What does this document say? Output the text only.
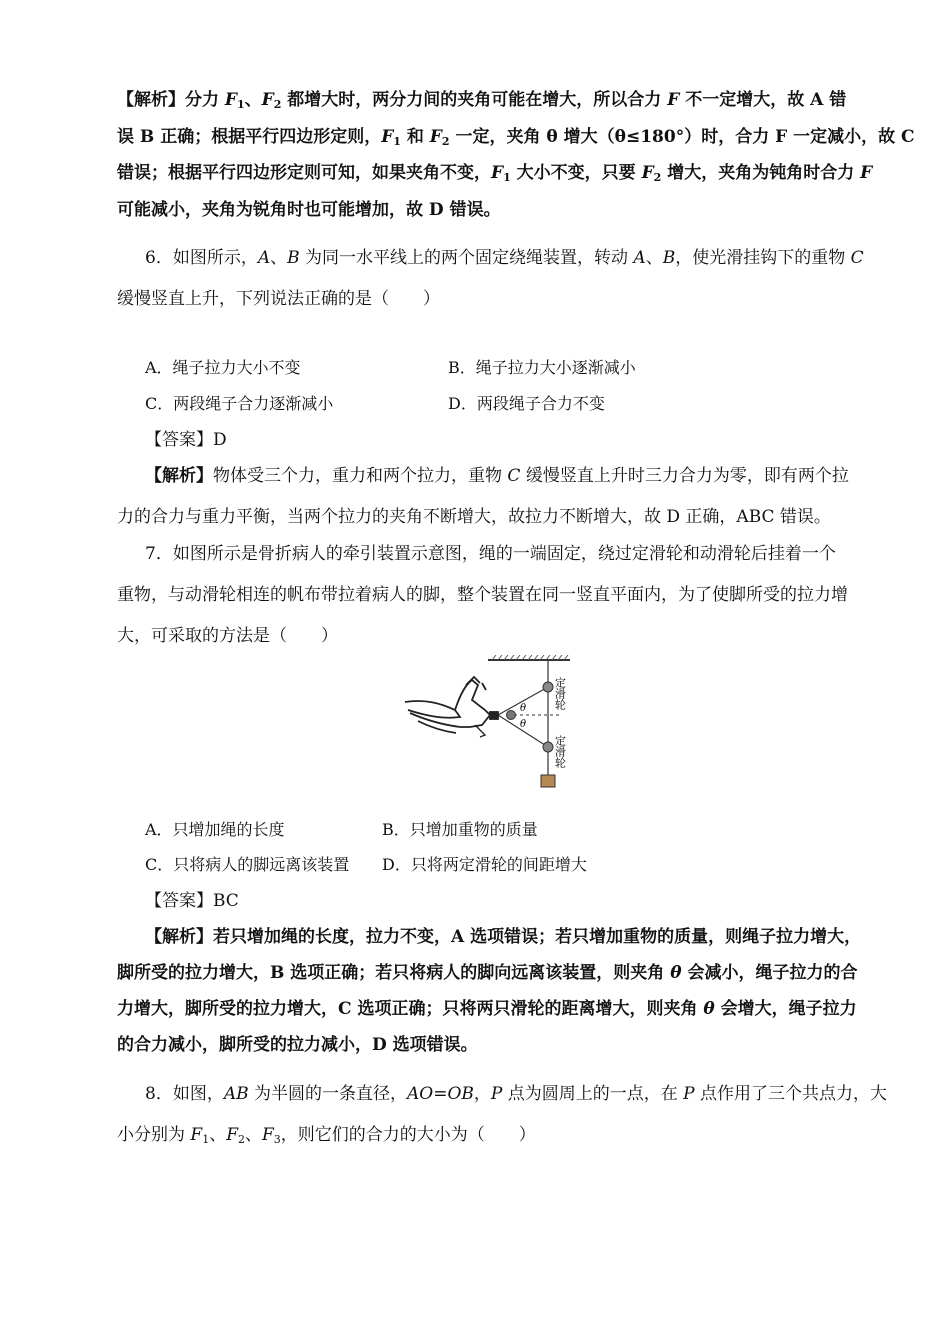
【解析】分力 $F_1$、$F_2$ 都增大时，两分力间的夹角可能在增大，所以合力 F 不一定增大，故 A 错
误 B 正确；根据平行四边形定则，$F_1$ 和 $F_2$ 一定，夹角 θ 增大（θ≤180°）时，合力 F 一定减小，故 C
错误；根据平行四边形定则可知，如果夹角不变，$F_1$ 大小不变，只要 $F_2$ 增大，夹角为钝角时合力 F
可能减小，夹角为锐角时也可能增加，故 D 错误。
6．如图所示，A、B 为同一水平线上的两个固定绕绳装置，转动 A、B，使光滑挂钩下的重物 C
缓慢竖直上升，下列说法正确的是（　　）
A．绳子拉力大小不变	B．绳子拉力大小逐渐减小
C．两段绳子合力逐渐减小	D．两段绳子合力不变
【答案】D
【解析】物体受三个力，重力和两个拉力，重物 C 缓慢竖直上升时三力合力为零，即有两个拉
力的合力与重力平衡，当两个拉力的夹角不断增大，故拉力不断增大，故 D 正确，ABC 错误。
7．如图所示是骨折病人的牵引装置示意图，绳的一端固定，绕过定滑轮和动滑轮后挂着一个
重物，与动滑轮相连的帆布带拉着病人的脚，整个装置在同一竖直平面内，为了使脚所受的拉力增
大，可采取的方法是（　　）
θ
θ
定滑轮
定滑轮
A．只增加绳的长度	B．只增加重物的质量
C．只将病人的脚远离该装置 D．只将两定滑轮的间距增大
【答案】BC
【解析】若只增加绳的长度，拉力不变，A 选项错误；若只增加重物的质量，则绳子拉力增大，
脚所受的拉力增大，B 选项正确；若只将病人的脚向远离该装置，则夹角 θ 会减小，绳子拉力的合
力增大，脚所受的拉力增大，C 选项正确；只将两只滑轮的距离增大，则夹角 θ 会增大，绳子拉力
的合力减小，脚所受的拉力减小，D 选项错误。
8．如图，AB 为半圆的一条直径，AO=OB，P 点为圆周上的一点，在 P 点作用了三个共点力，大
小分别为 $F_1$、$F_2$、$F_3$，则它们的合力的大小为（　　）
